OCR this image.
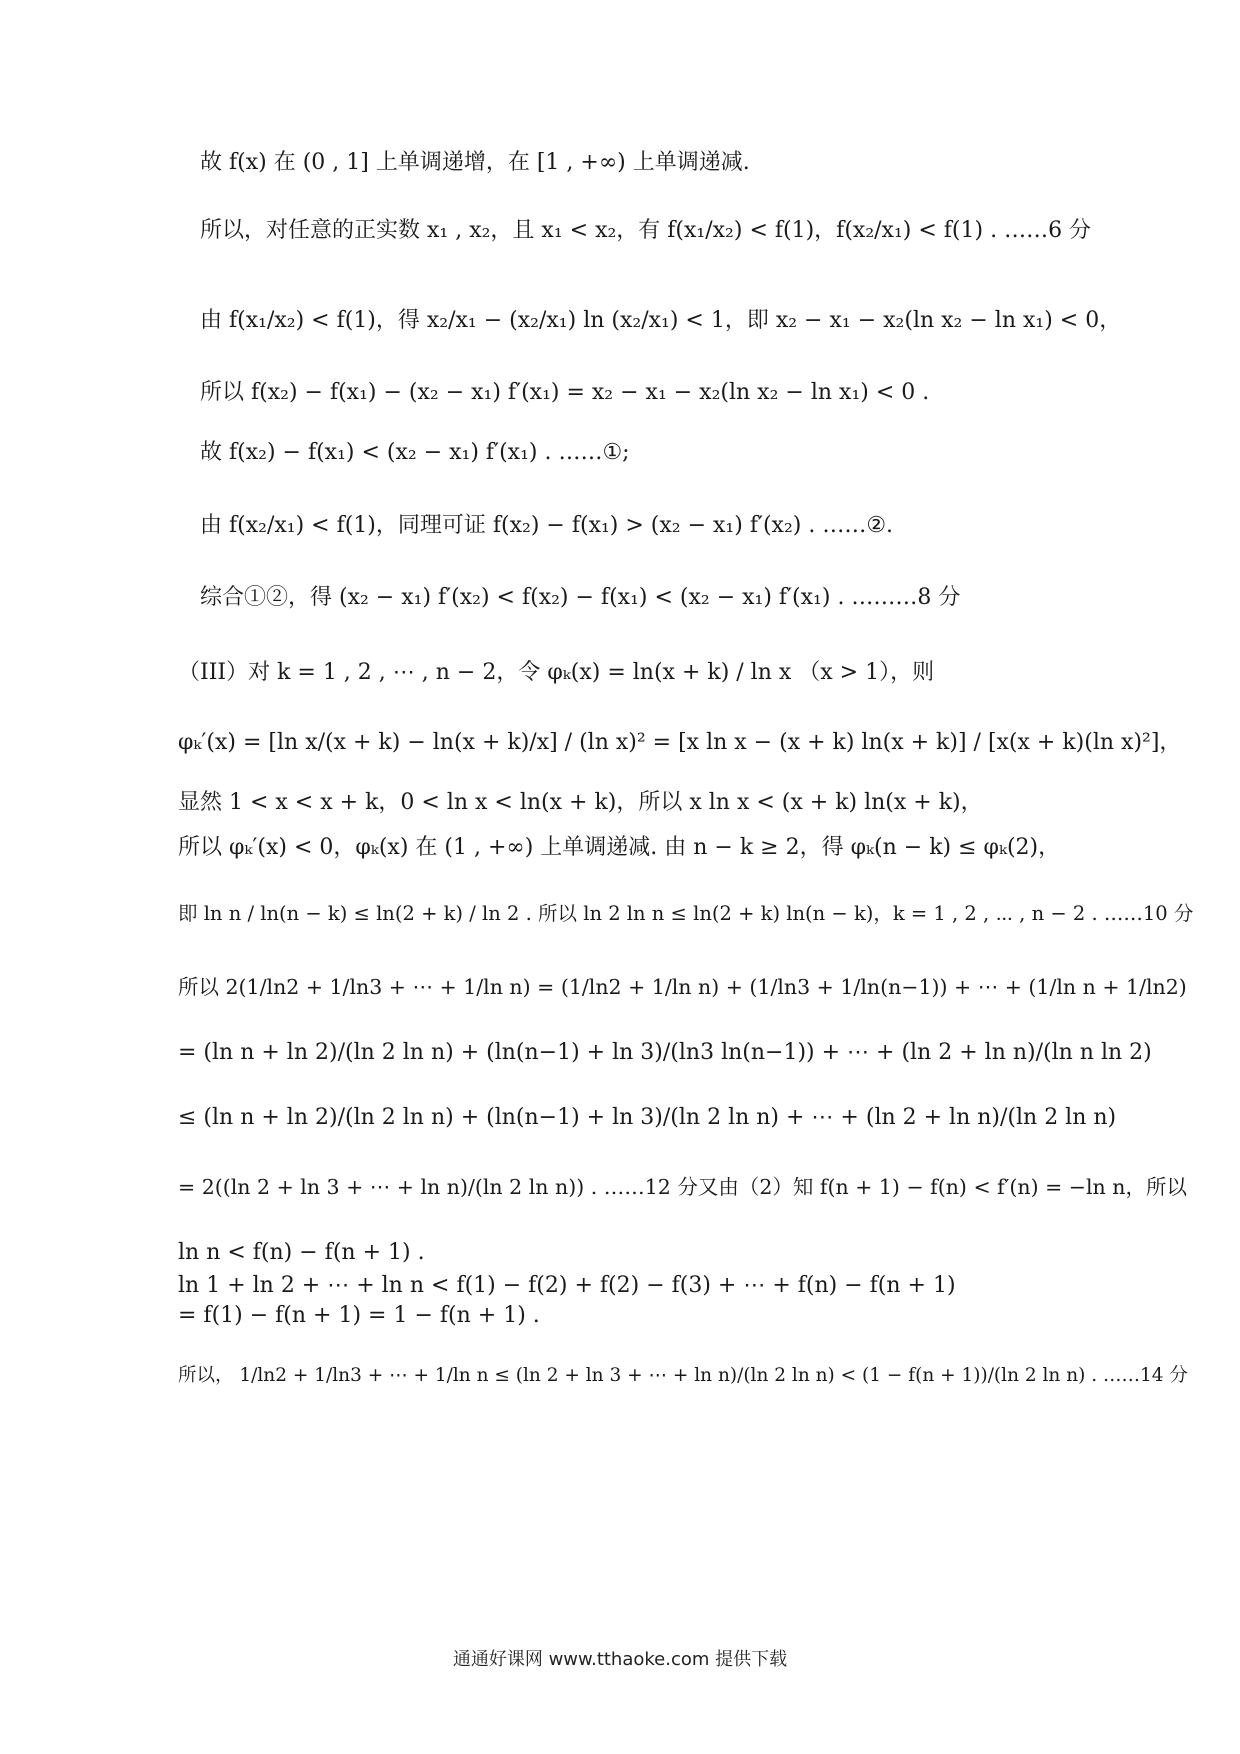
故 f(x) 在 (0 , 1] 上单调递增，在 [1 , +∞) 上单调递减.
所以，对任意的正实数 x₁ , x₂，且 x₁ < x₂，有 f(x₁/x₂) < f(1)，f(x₂/x₁) < f(1) . ……6 分
由 f(x₁/x₂) < f(1)，得 x₂/x₁ − (x₂/x₁) ln (x₂/x₁) < 1，即 x₂ − x₁ − x₂(ln x₂ − ln x₁) < 0，
所以 f(x₂) − f(x₁) − (x₂ − x₁) f′(x₁) = x₂ − x₁ − x₂(ln x₂ − ln x₁) < 0 .
故 f(x₂) − f(x₁) < (x₂ − x₁) f′(x₁) . ……①;
由 f(x₂/x₁) < f(1)，同理可证 f(x₂) − f(x₁) > (x₂ − x₁) f′(x₂) . ……②.
综合①②，得 (x₂ − x₁) f′(x₂) < f(x₂) − f(x₁) < (x₂ − x₁) f′(x₁) . ………8 分
（III）对 k = 1 , 2 , ⋯ , n − 2，令 φₖ(x) = ln(x + k) / ln x （x > 1），则
φₖ′(x) = [ln x/(x + k) − ln(x + k)/x] / (ln x)² = [x ln x − (x + k) ln(x + k)] / [x(x + k)(ln x)²]，
显然 1 < x < x + k，0 < ln x < ln(x + k)，所以 x ln x < (x + k) ln(x + k)，
所以 φₖ′(x) < 0，φₖ(x) 在 (1 , +∞) 上单调递减. 由 n − k ≥ 2，得 φₖ(n − k) ≤ φₖ(2)，
即 ln n / ln(n − k) ≤ ln(2 + k) / ln 2 . 所以 ln 2 ln n ≤ ln(2 + k) ln(n − k)，k = 1 , 2 , ⋯ , n − 2 . ……10 分
所以 2(1/ln2 + 1/ln3 + ⋯ + 1/ln n) = (1/ln2 + 1/ln n) + (1/ln3 + 1/ln(n−1)) + ⋯ + (1/ln n + 1/ln2)
= (ln n + ln 2)/(ln 2 ln n) + (ln(n−1) + ln 3)/(ln3 ln(n−1)) + ⋯ + (ln 2 + ln n)/(ln n ln 2)
≤ (ln n + ln 2)/(ln 2 ln n) + (ln(n−1) + ln 3)/(ln 2 ln n) + ⋯ + (ln 2 + ln n)/(ln 2 ln n)
= 2((ln 2 + ln 3 + ⋯ + ln n)/(ln 2 ln n)) . ……12 分又由（2）知 f(n + 1) − f(n) < f′(n) = −ln n，所以
ln n < f(n) − f(n + 1) .
ln 1 + ln 2 + ⋯ + ln n < f(1) − f(2) + f(2) − f(3) + ⋯ + f(n) − f(n + 1)
= f(1) − f(n + 1) = 1 − f(n + 1) .
所以， 1/ln2 + 1/ln3 + ⋯ + 1/ln n ≤ (ln 2 + ln 3 + ⋯ + ln n)/(ln 2 ln n) < (1 − f(n + 1))/(ln 2 ln n) . ……14 分
通通好课网 www.tthaoke.com 提供下载
